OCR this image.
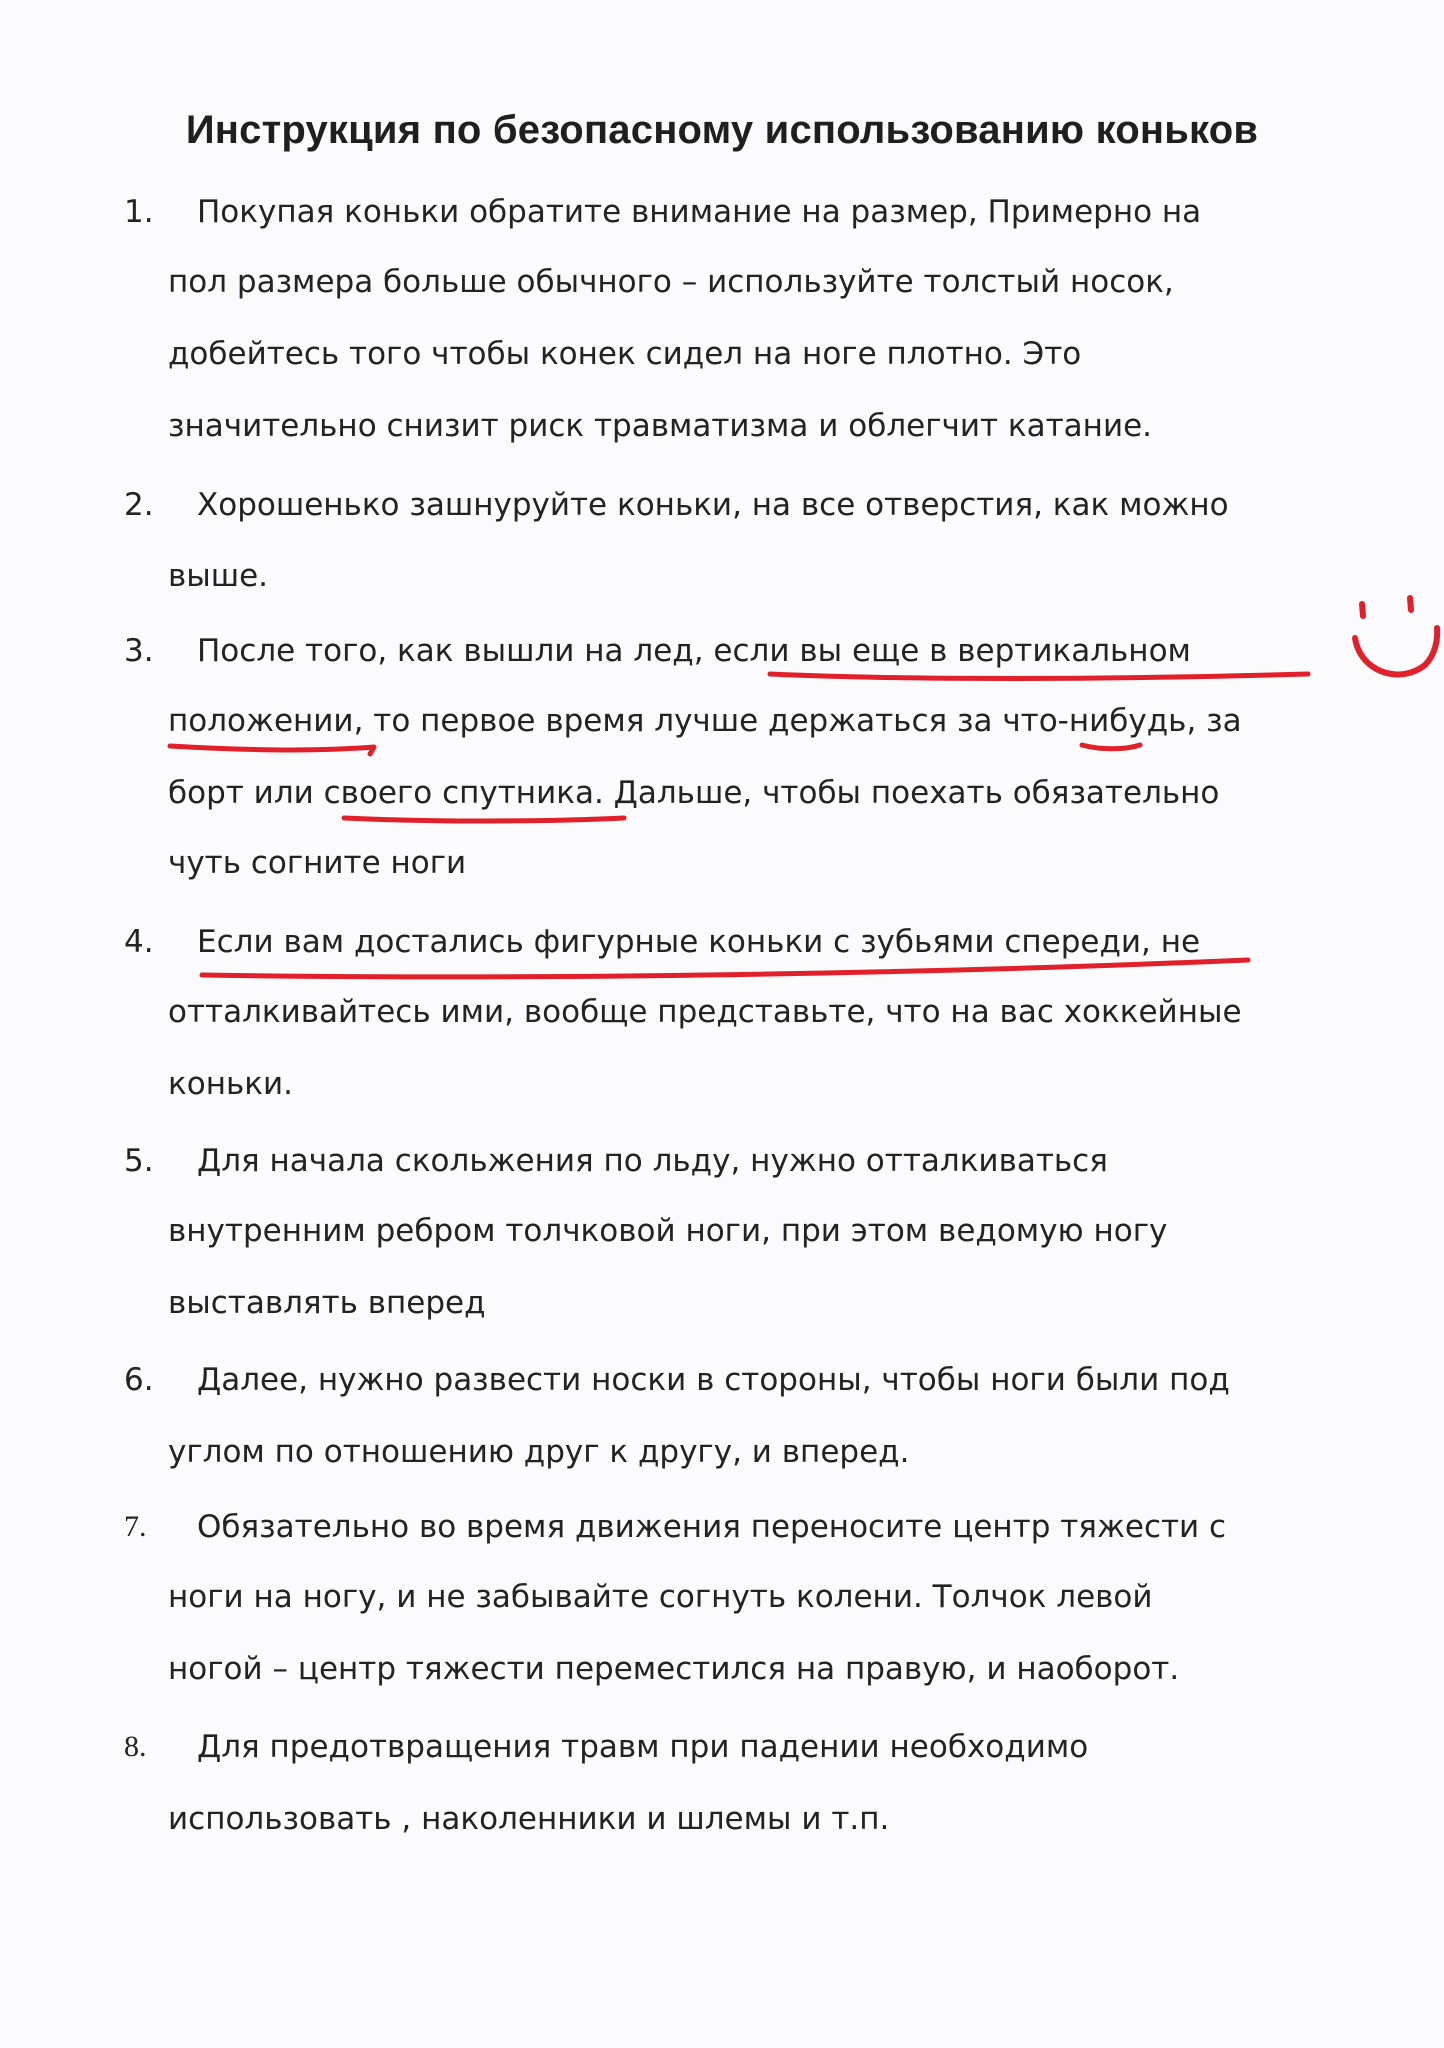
Инструкция по безопасному использованию коньков
1. Покупая коньки обратите внимание на размер, Примерно на
пол размера больше обычного – используйте толстый носок,
добейтесь того чтобы конек сидел на ноге плотно. Это
значительно снизит риск травматизма и облегчит катание.
2. Хорошенько зашнуруйте коньки, на все отверстия, как можно
выше.
3. После того, как вышли на лед, если вы еще в вертикальном
положении, то первое время лучше держаться за что-нибудь, за
борт или своего спутника. Дальше, чтобы поехать обязательно
чуть согните ноги
4. Если вам достались фигурные коньки с зубьями спереди, не
отталкивайтесь ими, вообще представьте, что на вас хоккейные
коньки.
5. Для начала скольжения по льду, нужно отталкиваться
внутренним ребром толчковой ноги, при этом ведомую ногу
выставлять вперед
6. Далее, нужно развести носки в стороны, чтобы ноги были под
углом по отношению друг к другу, и вперед.
7. Обязательно во время движения переносите центр тяжести с
ноги на ногу, и не забывайте согнуть колени. Толчок левой
ногой – центр тяжести переместился на правую, и наоборот.
8. Для предотвращения травм при падении необходимо
использовать , наколенники и шлемы и т.п.
